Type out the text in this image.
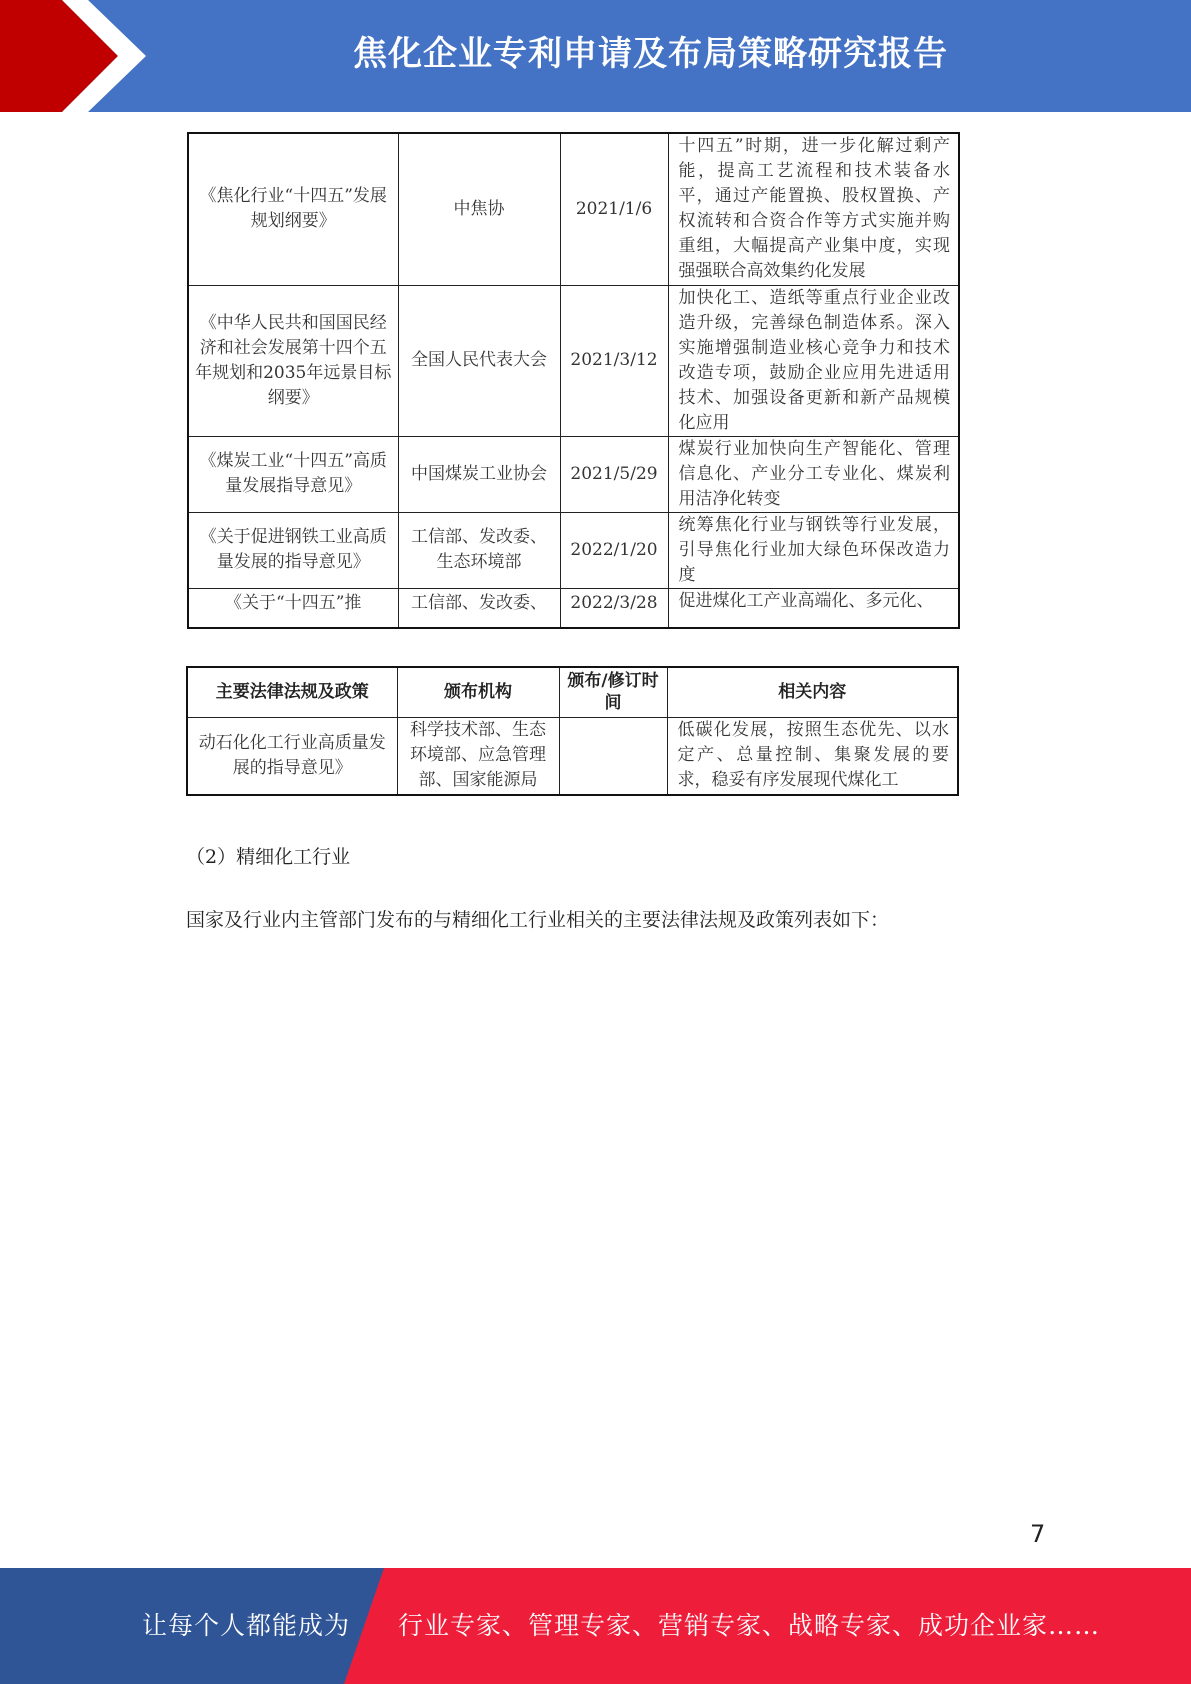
焦化企业专利申请及布局策略研究报告
《焦化行业“十四五”发展规划纲要》	中焦协	2021/1/6	十四五”时期，进一步化解过剩产能，提高工艺流程和技术装备水平，通过产能置换、股权置换、产权流转和合资合作等方式实施并购重组，大幅提高产业集中度，实现强强联合高效集约化发展
《中华人民共和国国民经济和社会发展第十四个五年规划和2035年远景目标纲要》	全国人民代表大会	2021/3/12	加快化工、造纸等重点行业企业改造升级，完善绿色制造体系。深入实施增强制造业核心竞争力和技术改造专项，鼓励企业应用先进适用技术、加强设备更新和新产品规模化应用
《煤炭工业“十四五”高质量发展指导意见》	中国煤炭工业协会	2021/5/29	煤炭行业加快向生产智能化、管理信息化、产业分工专业化、煤炭利用洁净化转变
《关于促进钢铁工业高质量发展的指导意见》	工信部、发改委、生态环境部	2022/1/20	统筹焦化行业与钢铁等行业发展，引导焦化行业加大绿色环保改造力度
《关于“十四五”推	工信部、发改委、	2022/3/28	促进煤化工产业高端化、多元化、
主要法律法规及政策	颁布机构	颁布/修订时间	相关内容
动石化化工行业高质量发展的指导意见》	科学技术部、生态环境部、应急管理部、国家能源局		低碳化发展，按照生态优先、以水定产、总量控制、集聚发展的要求，稳妥有序发展现代煤化工
（2）精细化工行业
国家及行业内主管部门发布的与精细化工行业相关的主要法律法规及政策列表如下：
7
让每个人都能成为 行业专家、管理专家、营销专家、战略专家、成功企业家……
